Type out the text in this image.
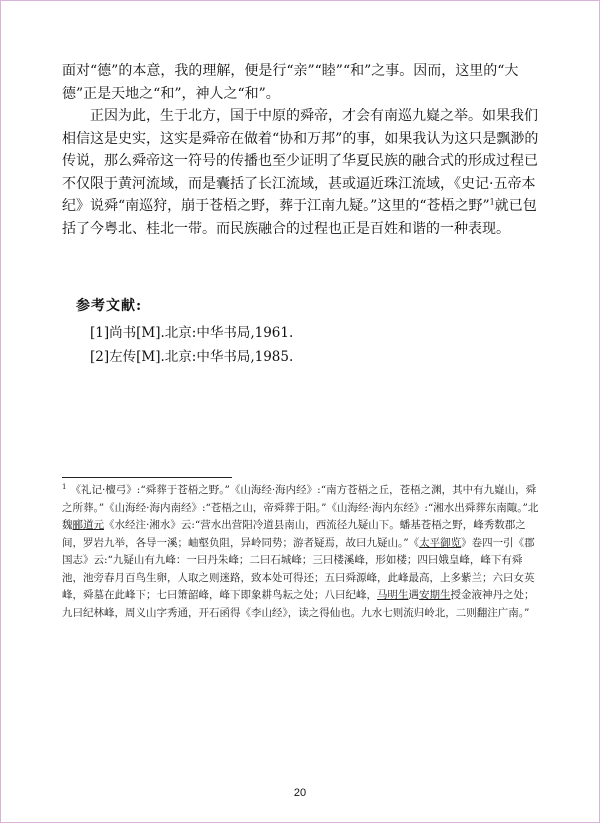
面对“德”的本意，我的理解，便是行“亲”“睦”“和”之事。因而，这里的“大德”正是天地之“和”，神人之“和”。

正因为此，生于北方，国于中原的舜帝，才会有南巡九嶷之举。如果我们相信这是史实，这实是舜帝在做着“协和万邦”的事，如果我认为这只是飘渺的传说，那么舜帝这一符号的传播也至少证明了华夏民族的融合式的形成过程已不仅限于黄河流域，而是囊括了长江流域，甚或逼近珠江流域，《史记·五帝本纪》说舜“南巡狩，崩于苍梧之野，葬于江南九疑。”这里的“苍梧之野”$^1$就已包括了今粤北、桂北一带。而民族融合的过程也正是百姓和谐的一种表现。

参考文献:
[1]尚书[M].北京:中华书局,1961.
[2]左传[M].北京:中华书局,1985.
$^1$ 《礼记·檀弓》:“舜葬于苍梧之野。”《山海经·海内经》:“南方苍梧之丘，苍梧之渊，其中有九嶷山，舜之所葬。”《山海经·海内南经》:“苍梧之山，帝舜葬于阳。”《山海经·海内东经》:“湘水出舜葬东南陬。”北魏郦道元《水经注·湘水》云:“营水出营阳冷道县南山，西流径九疑山下。蟠基苍梧之野，峰秀数郡之间，罗岩九举，各导一溪；岫壑负阻，异岭同势；游者疑焉，故曰九疑山。”《太平御览》卷四一引《郡国志》云:“九疑山有九峰：一曰丹朱峰；二曰石城峰；三曰楼溪峰，形如楼；四曰娥皇峰，峰下有舜池，池旁春月百鸟生卵，人取之则迷路，致本处可得还；五曰舜源峰，此峰最高，上多紫兰；六曰女英峰，舜墓在此峰下；七曰箫韶峰，峰下即象耕鸟耘之处；八曰纪峰，马明生遇安期生授金液神丹之处；九曰纪林峰，周义山字秀通，开石函得《李山经》，读之得仙也。九水七则流归岭北，二则翻注广南。”
20
